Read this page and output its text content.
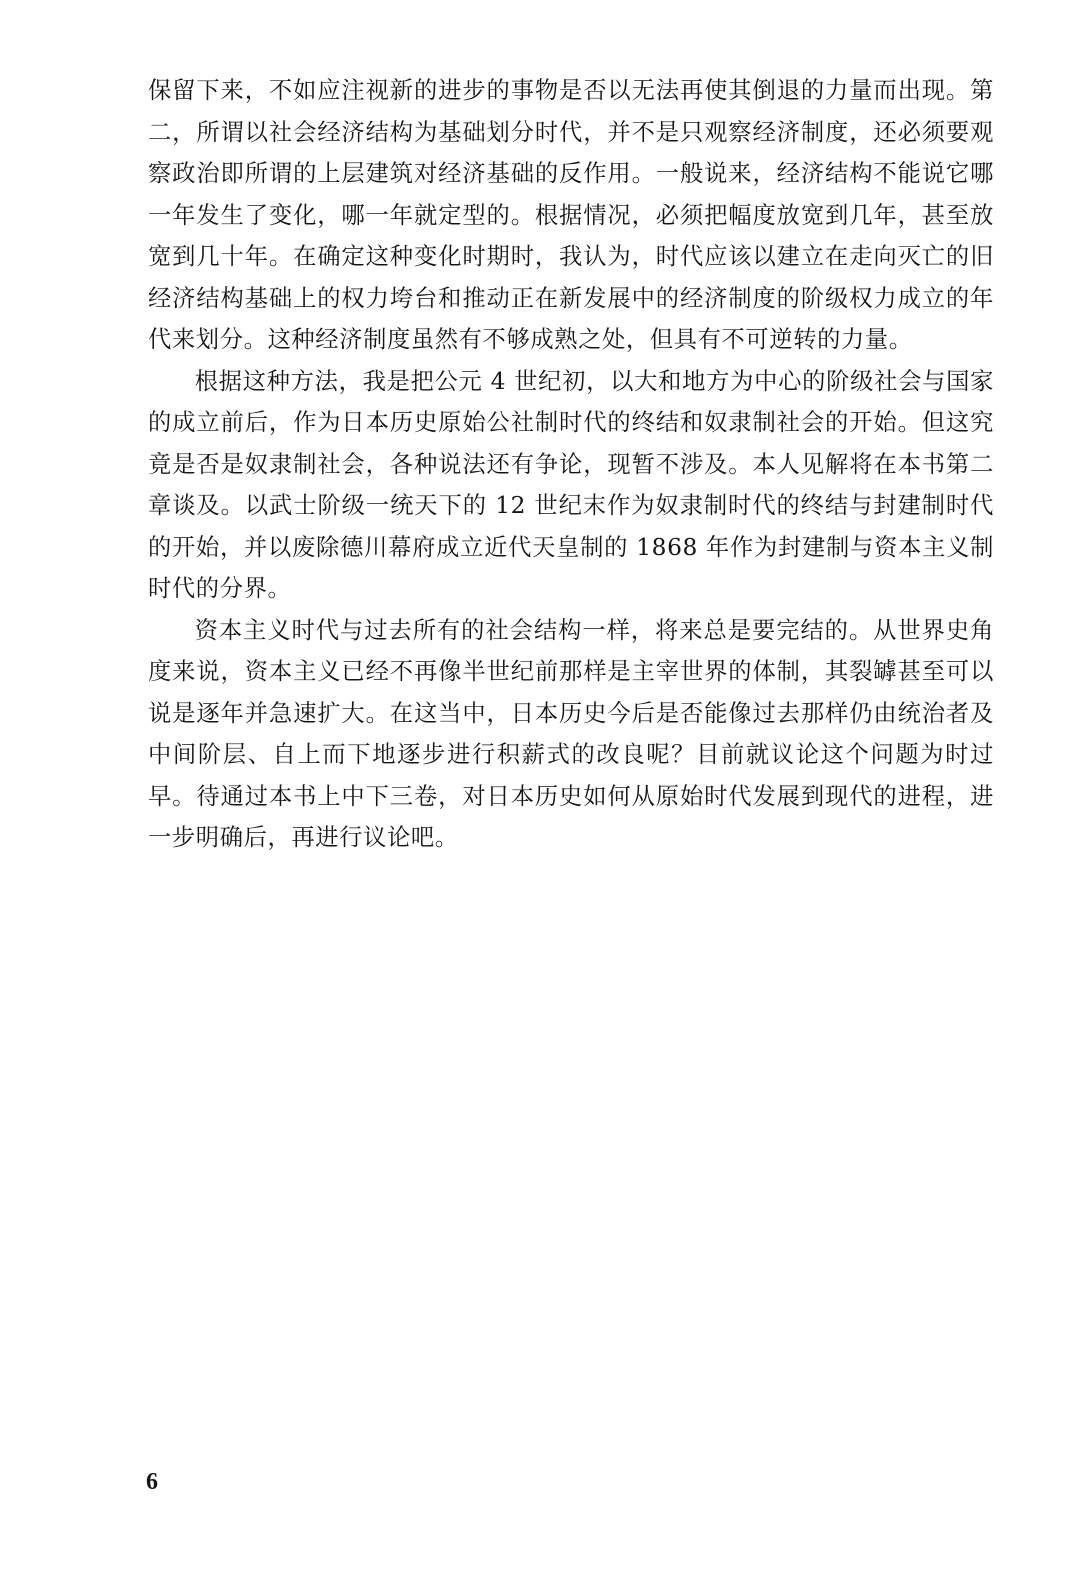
保留下来，不如应注视新的进步的事物是否以无法再使其倒退的力量而出现。第二，所谓以社会经济结构为基础划分时代，并不是只观察经济制度，还必须要观察政治即所谓的上层建筑对经济基础的反作用。一般说来，经济结构不能说它哪一年发生了变化，哪一年就定型的。根据情况，必须把幅度放宽到几年，甚至放宽到几十年。在确定这种变化时期时，我认为，时代应该以建立在走向灭亡的旧经济结构基础上的权力垮台和推动正在新发展中的经济制度的阶级权力成立的年代来划分。这种经济制度虽然有不够成熟之处，但具有不可逆转的力量。

根据这种方法，我是把公元 4 世纪初，以大和地方为中心的阶级社会与国家的成立前后，作为日本历史原始公社制时代的终结和奴隶制社会的开始。但这究竟是否是奴隶制社会，各种说法还有争论，现暂不涉及。本人见解将在本书第二章谈及。以武士阶级一统天下的 12 世纪末作为奴隶制时代的终结与封建制时代的开始，并以废除德川幕府成立近代天皇制的 1868 年作为封建制与资本主义制时代的分界。

资本主义时代与过去所有的社会结构一样，将来总是要完结的。从世界史角度来说，资本主义已经不再像半世纪前那样是主宰世界的体制，其裂罅甚至可以说是逐年并急速扩大。在这当中，日本历史今后是否能像过去那样仍由统治者及中间阶层、自上而下地逐步进行积薪式的改良呢？目前就议论这个问题为时过早。待通过本书上中下三卷，对日本历史如何从原始时代发展到现代的进程，进一步明确后，再进行议论吧。

6
